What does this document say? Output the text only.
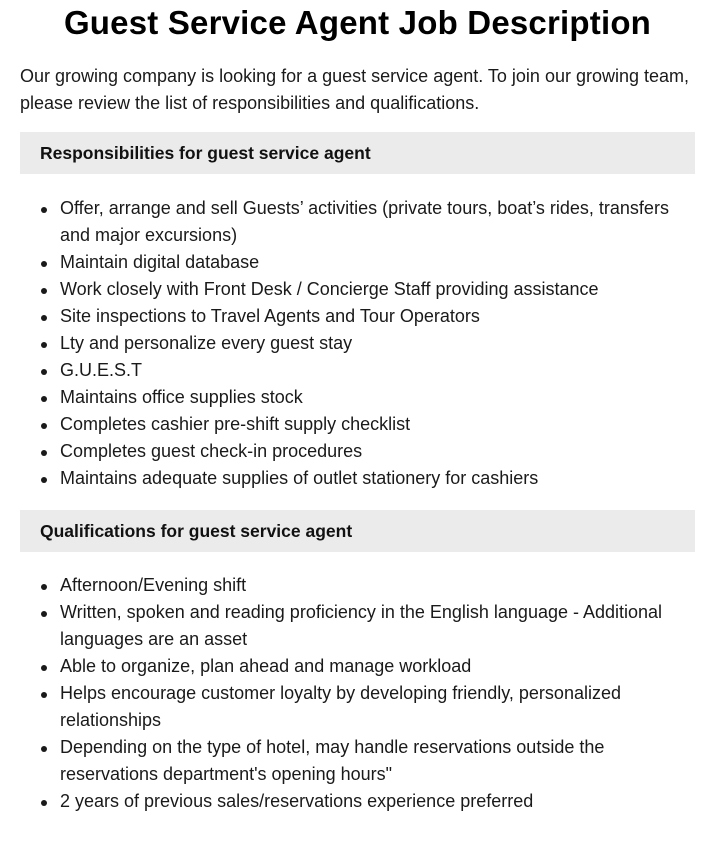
Guest Service Agent Job Description

Our growing company is looking for a guest service agent. To join our growing team, please review the list of responsibilities and qualifications.

Responsibilities for guest service agent
Offer, arrange and sell Guests’ activities (private tours, boat’s rides, transfers and major excursions)
Maintain digital database
Work closely with Front Desk / Concierge Staff providing assistance
Site inspections to Travel Agents and Tour Operators
Lty and personalize every guest stay
G.U.E.S.T
Maintains office supplies stock
Completes cashier pre-shift supply checklist
Completes guest check-in procedures
Maintains adequate supplies of outlet stationery for cashiers
Qualifications for guest service agent
Afternoon/Evening shift
Written, spoken and reading proficiency in the English language - Additional languages are an asset
Able to organize, plan ahead and manage workload
Helps encourage customer loyalty by developing friendly, personalized relationships
Depending on the type of hotel, may handle reservations outside the reservations department's opening hours"
2 years of previous sales/reservations experience preferred
